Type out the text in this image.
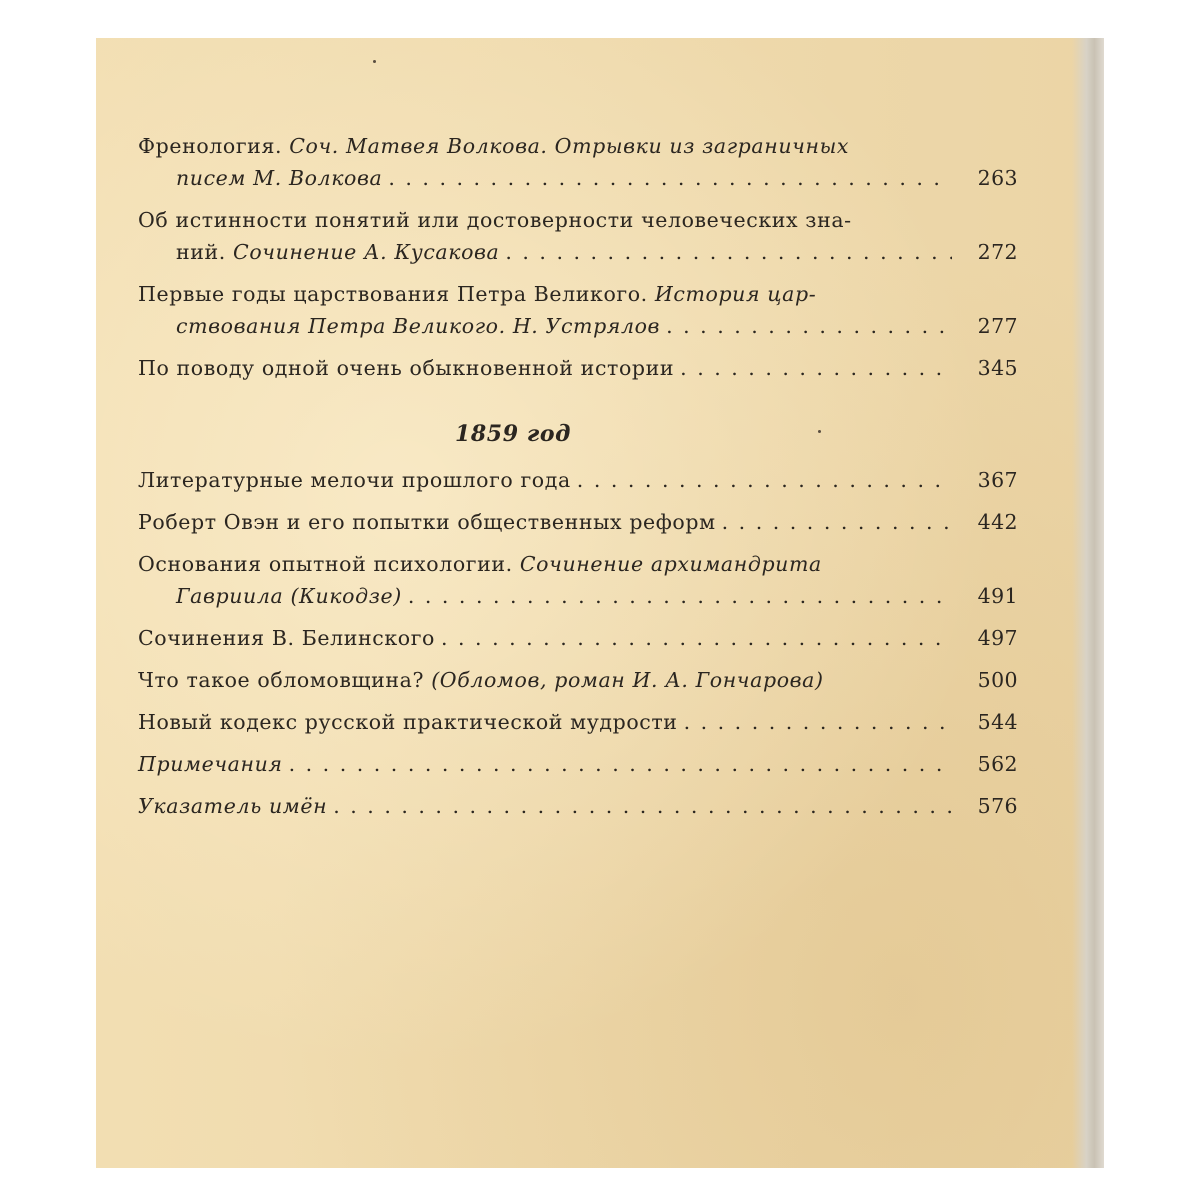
Френология. Соч. Матвея Волкова. Отрывки из заграничных
писем М. Волкова . . .	263
Об истинности понятий или достоверности человеческих зна-
ний. Сочинение А. Кусакова . . .	272
Первые годы царствования Петра Великого. История цар-
ствования Петра Великого. Н. Устрялов . . .	277
По поводу одной очень обыкновенной истории . . .	345
1859 год
Литературные мелочи прошлого года . . .	367
Роберт Овэн и его попытки общественных реформ . . .	442
Основания опытной психологии. Сочинение архимандрита
Гавриила (Кикодзе) . . .	491
Сочинения В. Белинского . . .	497
Что такое обломовщина? (Обломов, роман И. А. Гончарова)	500
Новый кодекс русской практической мудрости . . .	544
Примечания . . .	562
Указатель имён . . .	576
